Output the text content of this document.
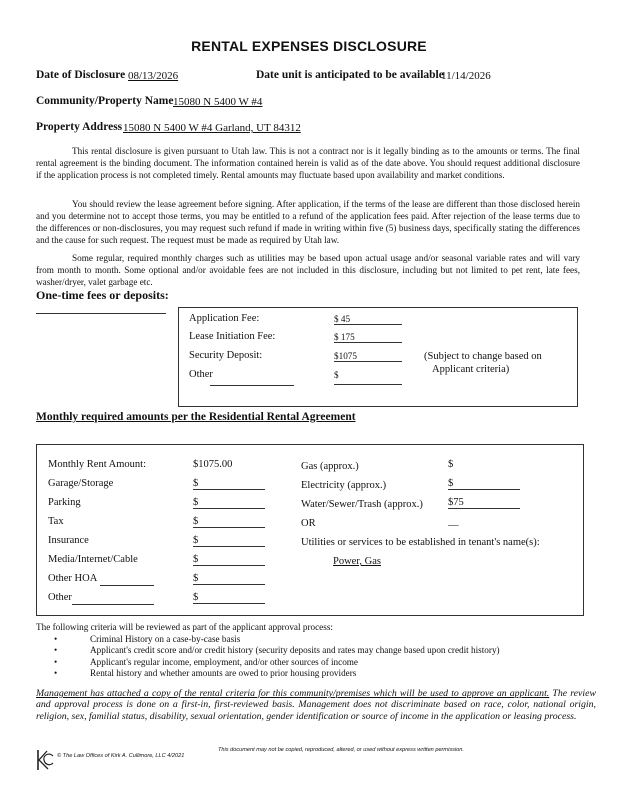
RENTAL EXPENSES DISCLOSURE
Date of Disclosure 08/13/2026	Date unit is anticipated to be available
11/14/2026
Community/Property Name 15080 N 5400 W #4
Property Address 15080 N 5400 W #4 Garland, UT 84312
This rental disclosure is given pursuant to Utah law. This is not a contract nor is it legally binding as to the amounts or terms. The final rental agreement is the binding document. The information contained herein is valid as of the date above. You should request additional disclosure if the application process is not completed timely. Rental amounts may fluctuate based upon availability and market conditions.
You should review the lease agreement before signing. After application, if the terms of the lease are different than those disclosed herein and you determine not to accept those terms, you may be entitled to a refund of the application fees paid. After rejection of the lease terms due to the differences or non-disclosures, you may request such refund if made in writing within five (5) business days, specifically stating the differences and the cause for such request. The request must be made as required by Utah law.
Some regular, required monthly charges such as utilities may be based upon actual usage and/or seasonal variable rates and will vary from month to month. Some optional and/or avoidable fees are not included in this disclosure, including but not limited to pet rent, late fees, washer/dryer, valet garbage etc.
One-time fees or deposits:
Application Fee:	$ 45
Lease Initiation Fee:	$ 175
Security Deposit:	$1075
Other	$
(Subject to change based on
Applicant criteria)
Monthly required amounts per the Residential Rental Agreement
Monthly Rent Amount:	$1075.00
Garage/Storage	$
Parking	$
Tax	$
Insurance	$
Media/Internet/Cable	$
Other HOA	$
Other	$
Gas (approx.)	$
Electricity (approx.)	$
Water/Sewer/Trash (approx.) $75
OR	__
Utilities or services to be established in tenant's name(s):
Power, Gas
The following criteria will be reviewed as part of the applicant approval process:
• Criminal History on a case-by-case basis
• Applicant's credit score and/or credit history (security deposits and rates may change based upon credit history)
• Applicant's regular income, employment, and/or other sources of income
• Rental history and whether amounts are owed to prior housing providers
Management has attached a copy of the rental criteria for this community/premises which will be used to approve an applicant. The review and approval process is done on a first-in, first-reviewed basis. Management does not discriminate based on race, color, national origin, religion, sex, familial status, disability, sexual orientation, gender identification or source of income in the application or leasing process.
© The Law Offices of Kirk A. Cullimore, LLC 4/2021
This document may not be copied, reproduced, altered, or used without express written permission.
